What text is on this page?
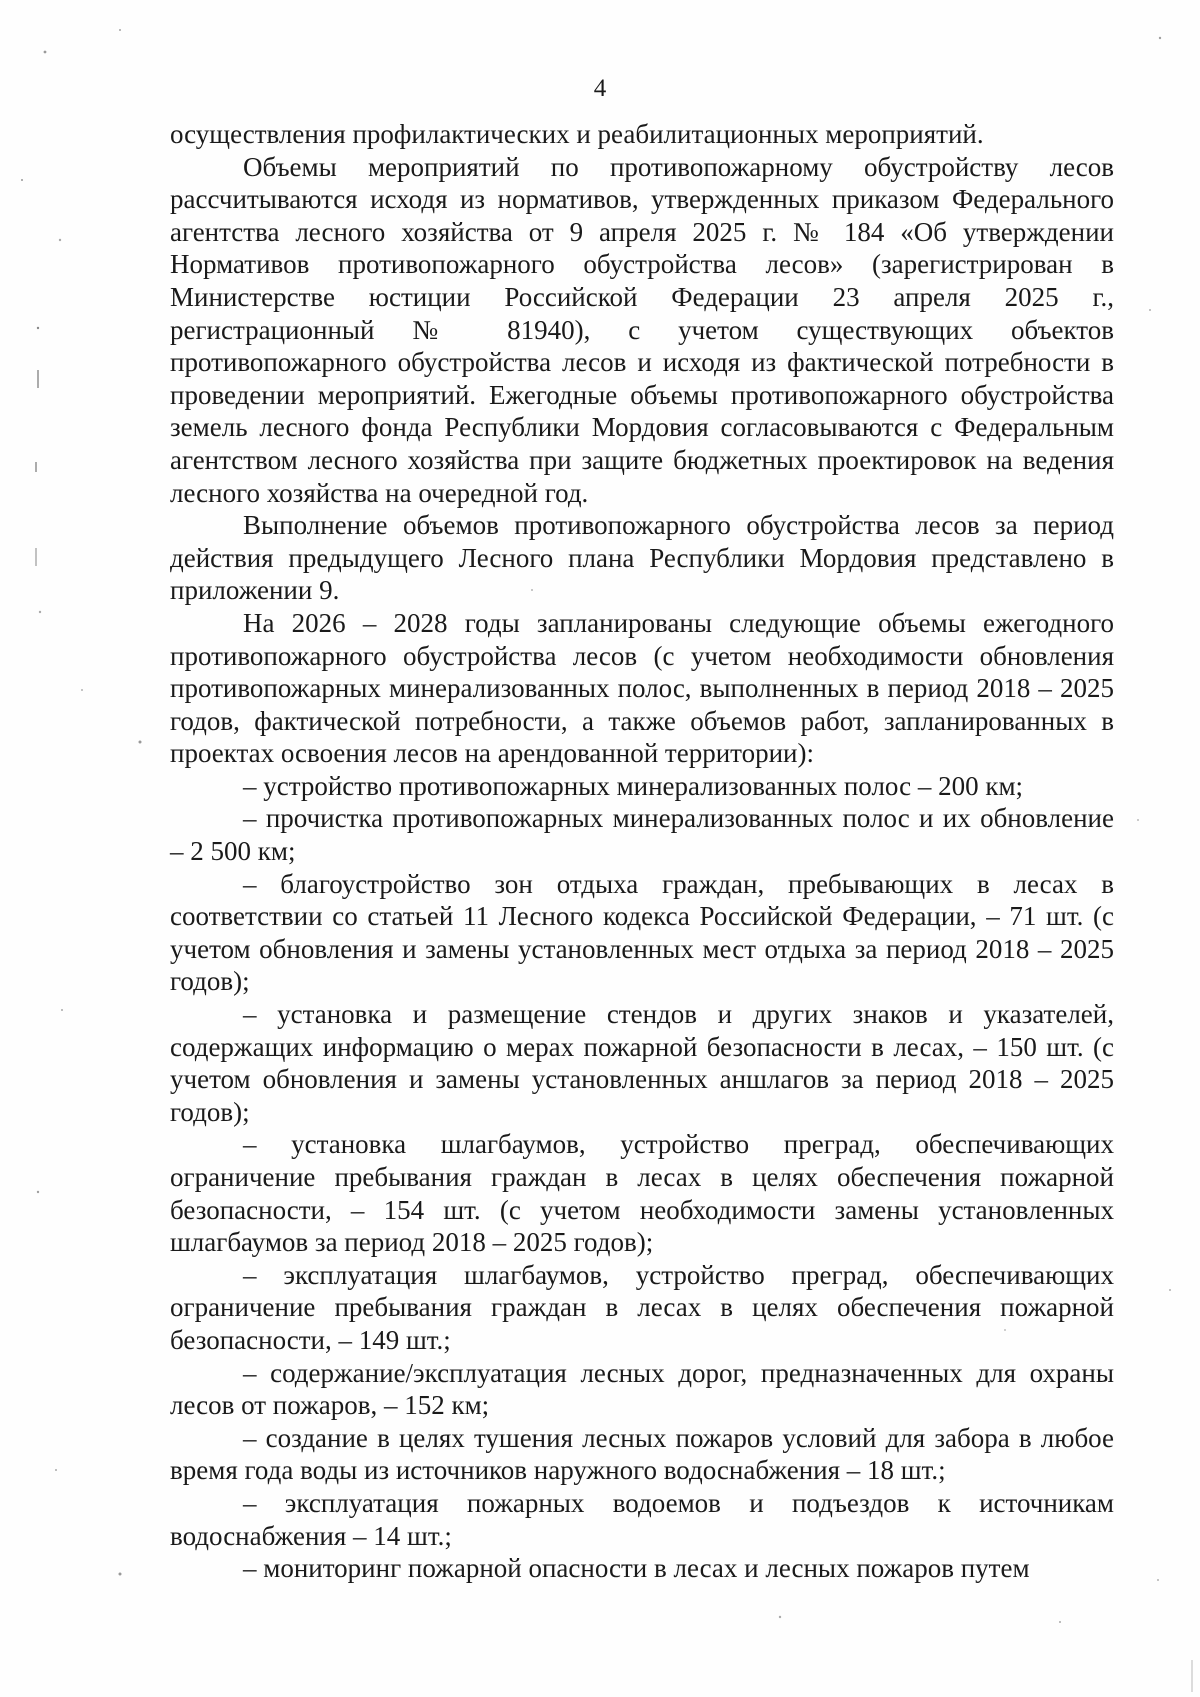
4

осуществления профилактических и реабилитационных мероприятий.

Объемы мероприятий по противопожарному обустройству лесов рассчитываются исходя из нормативов, утвержденных приказом Федерального агентства лесного хозяйства от 9 апреля 2025 г. № 184 «Об утверждении Нормативов противопожарного обустройства лесов» (зарегистрирован в Министерстве юстиции Российской Федерации 23 апреля 2025 г., регистрационный № 81940), с учетом существующих объектов противопожарного обустройства лесов и исходя из фактической потребности в проведении мероприятий. Ежегодные объемы противопожарного обустройства земель лесного фонда Республики Мордовия согласовываются с Федеральным агентством лесного хозяйства при защите бюджетных проектировок на ведения лесного хозяйства на очередной год.

Выполнение объемов противопожарного обустройства лесов за период действия предыдущего Лесного плана Республики Мордовия представлено в приложении 9.

На 2026 – 2028 годы запланированы следующие объемы ежегодного противопожарного обустройства лесов (с учетом необходимости обновления противопожарных минерализованных полос, выполненных в период 2018 – 2025 годов, фактической потребности, а также объемов работ, запланированных в проектах освоения лесов на арендованной территории):

– устройство противопожарных минерализованных полос – 200 км;

– прочистка противопожарных минерализованных полос и их обновление – 2 500 км;

– благоустройство зон отдыха граждан, пребывающих в лесах в соответствии со статьей 11 Лесного кодекса Российской Федерации, – 71 шт. (с учетом обновления и замены установленных мест отдыха за период 2018 – 2025 годов);

– установка и размещение стендов и других знаков и указателей, содержащих информацию о мерах пожарной безопасности в лесах, – 150 шт. (с учетом обновления и замены установленных аншлагов за период 2018 – 2025 годов);

– установка шлагбаумов, устройство преград, обеспечивающих ограничение пребывания граждан в лесах в целях обеспечения пожарной безопасности, – 154 шт. (с учетом необходимости замены установленных шлагбаумов за период 2018 – 2025 годов);

– эксплуатация шлагбаумов, устройство преград, обеспечивающих ограничение пребывания граждан в лесах в целях обеспечения пожарной безопасности, – 149 шт.;

– содержание/эксплуатация лесных дорог, предназначенных для охраны лесов от пожаров, – 152 км;

– создание в целях тушения лесных пожаров условий для забора в любое время года воды из источников наружного водоснабжения – 18 шт.;

– эксплуатация пожарных водоемов и подъездов к источникам водоснабжения – 14 шт.;

– мониторинг пожарной опасности в лесах и лесных пожаров путем
